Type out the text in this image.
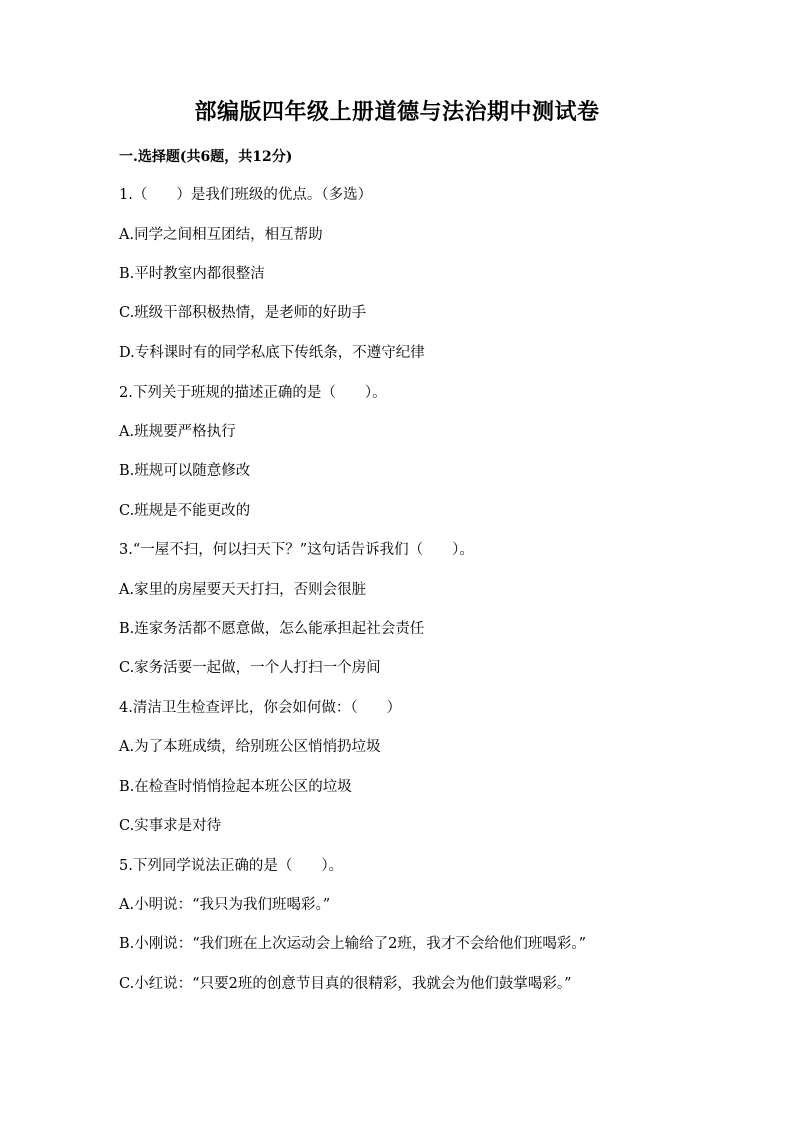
部编版四年级上册道德与法治期中测试卷
一.选择题(共6题，共12分)
1.（　　）是我们班级的优点。（多选）
A.同学之间相互团结，相互帮助
B.平时教室内都很整洁
C.班级干部积极热情，是老师的好助手
D.专科课时有的同学私底下传纸条，不遵守纪律
2.下列关于班规的描述正确的是（　　）。
A.班规要严格执行
B.班规可以随意修改
C.班规是不能更改的
3.“一屋不扫，何以扫天下？”这句话告诉我们（　　）。
A.家里的房屋要天天打扫，否则会很脏
B.连家务活都不愿意做，怎么能承担起社会责任
C.家务活要一起做，一个人打扫一个房间
4.清洁卫生检查评比，你会如何做：（　　）
A.为了本班成绩，给别班公区悄悄扔垃圾
B.在检查时悄悄捡起本班公区的垃圾
C.实事求是对待
5.下列同学说法正确的是（　　）。
A.小明说：“我只为我们班喝彩。”
B.小刚说：“我们班在上次运动会上输给了2班，我才不会给他们班喝彩。”
C.小红说：“只要2班的创意节目真的很精彩，我就会为他们鼓掌喝彩。”
